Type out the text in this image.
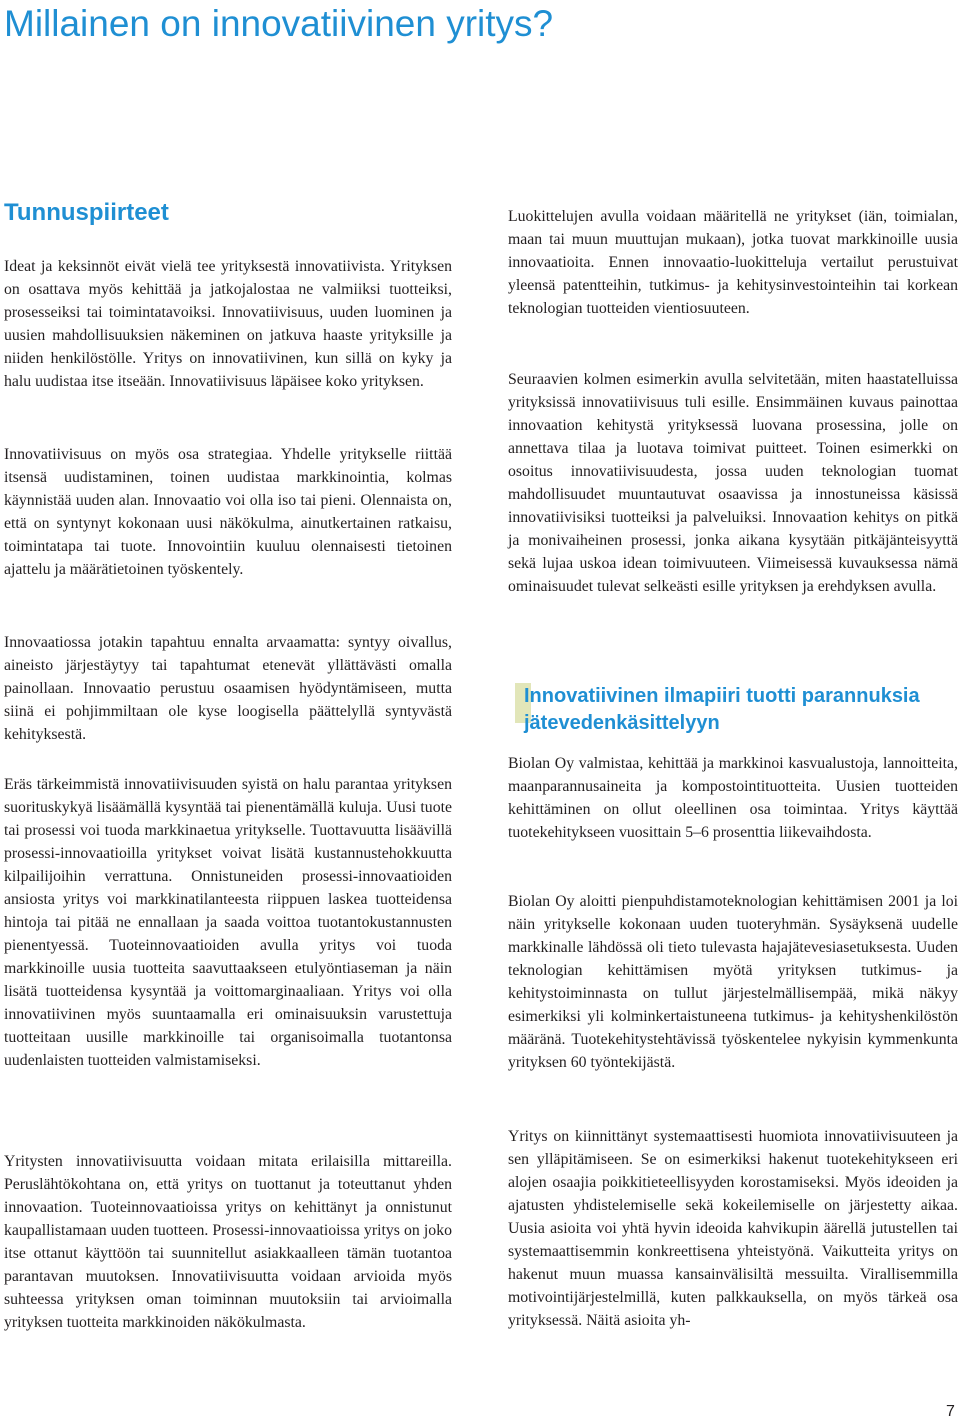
Millainen on innovatiivinen yritys?
Tunnuspiirteet

Ideat ja keksinnöt eivät vielä tee yrityksestä innovatiivista. Yrityksen on osattava myös kehittää ja jatkojalostaa ne valmiiksi tuotteiksi, prosesseiksi tai toimintatavoiksi. Innovatiivisuus, uuden luominen ja uusien mahdollisuuksien näkeminen on jatkuva haaste yrityksille ja niiden henkilöstölle. Yritys on innovatiivinen, kun sillä on kyky ja halu uudistaa itse itseään. Innovatiivisuus läpäisee koko yrityksen.

Innovatiivisuus on myös osa strategiaa. Yhdelle yritykselle riittää itsensä uudistaminen, toinen uudistaa markkinointia, kolmas käynnistää uuden alan. Innovaatio voi olla iso tai pieni. Olennaista on, että on syntynyt kokonaan uusi näkökulma, ainutkertainen ratkaisu, toimintatapa tai tuote. Innovointiin kuuluu olennaisesti tietoinen ajattelu ja määrätietoinen työskentely.

Innovaatiossa jotakin tapahtuu ennalta arvaamatta: syntyy oivallus, aineisto järjestäytyy tai tapahtumat etenevät yllättävästi omalla painollaan. Innovaatio perustuu osaamisen hyödyntämiseen, mutta siinä ei pohjimmiltaan ole kyse loogisella päättelyllä syntyvästä kehityksestä.

Eräs tärkeimmistä innovatiivisuuden syistä on halu parantaa yrityksen suorituskykyä lisäämällä kysyntää tai pienentämällä kuluja. Uusi tuote tai prosessi voi tuoda markkinaetua yritykselle. Tuottavuutta lisäävillä prosessi-innovaatioilla yritykset voivat lisätä kustannustehokkuutta kilpailijoihin verrattuna. Onnistuneiden prosessi-innovaatioiden ansiosta yritys voi markkinatilanteesta riippuen laskea tuotteidensa hintoja tai pitää ne ennallaan ja saada voittoa tuotantokustannusten pienentyessä. Tuoteinnovaatioiden avulla yritys voi tuoda markkinoille uusia tuotteita saavuttaakseen etulyöntiaseman ja näin lisätä tuotteidensa kysyntää ja voittomarginaaliaan. Yritys voi olla innovatiivinen myös suuntaamalla eri ominaisuuksin varustettuja tuotteitaan uusille markkinoille tai organisoimalla tuotantonsa uudenlaisten tuotteiden valmistamiseksi.

Yritysten innovatiivisuutta voidaan mitata erilaisilla mittareilla. Peruslähtökohtana on, että yritys on tuottanut ja toteuttanut yhden innovaation. Tuoteinnovaatioissa yritys on kehittänyt ja onnistunut kaupallistamaan uuden tuotteen. Prosessi-innovaatioissa yritys on joko itse ottanut käyttöön tai suunnitellut asiakkaalleen tämän tuotantoa parantavan muutoksen. Innovatiivisuutta voidaan arvioida myös suhteessa yrityksen oman toiminnan muutoksiin tai arvioimalla yrityksen tuotteita markkinoiden näkökulmasta.

Luokittelujen avulla voidaan määritellä ne yritykset (iän, toimialan, maan tai muun muuttujan mukaan), jotka tuovat markkinoille uusia innovaatioita. Ennen innovaatio-luokitteluja vertailut perustuivat yleensä patentteihin, tutkimus- ja kehitysinvestointeihin tai korkean teknologian tuotteiden vientiosuuteen.

Seuraavien kolmen esimerkin avulla selvitetään, miten haastatelluissa yrityksissä innovatiivisuus tuli esille. Ensimmäinen kuvaus painottaa innovaation kehitystä yrityksessä luovana prosessina, jolle on annettava tilaa ja luotava toimivat puitteet. Toinen esimerkki on osoitus innovatiivisuudesta, jossa uuden teknologian tuomat mahdollisuudet muuntautuvat osaavissa ja innostuneissa käsissä innovatiivisiksi tuotteiksi ja palveluiksi. Innovaation kehitys on pitkä ja monivaiheinen prosessi, jonka aikana kysytään pitkäjänteisyyttä sekä lujaa uskoa idean toimivuuteen. Viimeisessä kuvauksessa nämä ominaisuudet tulevat selkeästi esille yrityksen ja erehdyksen avulla.

Innovatiivinen ilmapiiri tuotti parannuksia jätevedenkäsittelyyn

Biolan Oy valmistaa, kehittää ja markkinoi kasvualustoja, lannoitteita, maanparannusaineita ja kompostointituotteita. Uusien tuotteiden kehittäminen on ollut oleellinen osa toimintaa. Yritys käyttää tuotekehitykseen vuosittain 5–6 prosenttia liikevaihdosta.

Biolan Oy aloitti pienpuhdistamoteknologian kehittämisen 2001 ja loi näin yritykselle kokonaan uuden tuoteryhmän. Sysäyksenä uudelle markkinalle lähdössä oli tieto tulevasta hajajätevesiasetuksesta. Uuden teknologian kehittämisen myötä yrityksen tutkimus- ja kehitystoiminnasta on tullut järjestelmällisempää, mikä näkyy esimerkiksi yli kolminkertaistuneena tutkimus- ja kehityshenkilöstön määränä. Tuotekehitystehtävissä työskentelee nykyisin kymmenkunta yrityksen 60 työntekijästä.

Yritys on kiinnittänyt systemaattisesti huomiota innovatiivisuuteen ja sen ylläpitämiseen. Se on esimerkiksi hakenut tuotekehitykseen eri alojen osaajia poikkitieteellisyyden korostamiseksi. Myös ideoiden ja ajatusten yhdistelemiselle sekä kokeilemiselle on järjestetty aikaa. Uusia asioita voi yhtä hyvin ideoida kahvikupin äärellä jutustellen tai systemaattisemmin konkreettisena yhteistyönä. Vaikutteita yritys on hakenut muun muassa kansainvälisiltä messuilta. Virallisemmilla motivointijärjestelmillä, kuten palkkauksella, on myös tärkeä osa yrityksessä. Näitä asioita yh-

7
